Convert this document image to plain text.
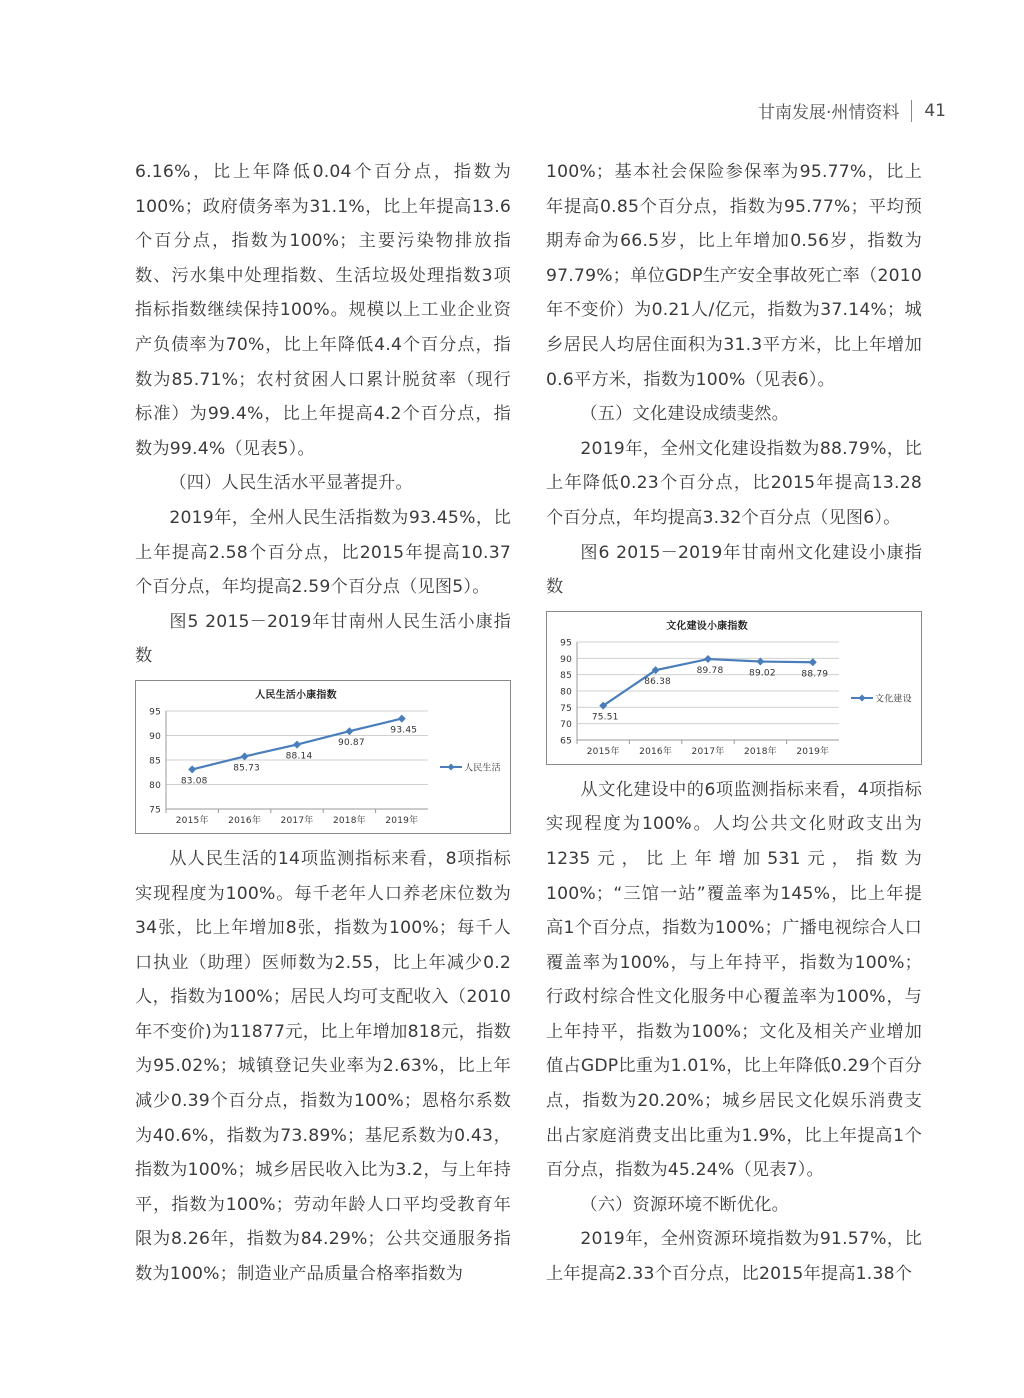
甘南发展·州情资料 41

6.16%，比上年降低0.04个百分点，指数为100%；政府债务率为31.1%，比上年提高13.6个百分点，指数为100%；主要污染物排放指数、污水集中处理指数、生活垃圾处理指数3项指标指数继续保持100%。规模以上工业企业资产负债率为70%，比上年降低4.4个百分点，指数为85.71%；农村贫困人口累计脱贫率（现行标准）为99.4%，比上年提高4.2个百分点，指数为99.4%（见表5）。

（四）人民生活水平显著提升。

2019年，全州人民生活指数为93.45%，比上年提高2.58个百分点，比2015年提高10.37个百分点，年均提高2.59个百分点（见图5）。

图5 2015－2019年甘南州人民生活小康指数

人民生活小康指数
75
80
85
90
95
2015年 2016年 2017年 2018年 2019年
83.08
85.73
88.14
90.87
93.45
人民生活

从人民生活的14项监测指标来看，8项指标实现程度为100%。每千老年人口养老床位数为34张，比上年增加8张，指数为100%；每千人口执业（助理）医师数为2.55，比上年减少0.2人，指数为100%；居民人均可支配收入（2010年不变价)为11877元，比上年增加818元，指数为95.02%；城镇登记失业率为2.63%，比上年减少0.39个百分点，指数为100%；恩格尔系数为40.6%，指数为73.89%；基尼系数为0.43，指数为100%；城乡居民收入比为3.2，与上年持平，指数为100%；劳动年龄人口平均受教育年限为8.26年，指数为84.29%；公共交通服务指数为100%；制造业产品质量合格率指数为

100%；基本社会保险参保率为95.77%，比上年提高0.85个百分点，指数为95.77%；平均预期寿命为66.5岁，比上年增加0.56岁，指数为97.79%；单位GDP生产安全事故死亡率（2010年不变价）为0.21人/亿元，指数为37.14%；城乡居民人均居住面积为31.3平方米，比上年增加0.6平方米，指数为100%（见表6）。

（五）文化建设成绩斐然。

2019年，全州文化建设指数为88.79%，比上年降低0.23个百分点，比2015年提高13.28个百分点，年均提高3.32个百分点（见图6）。

图6 2015－2019年甘南州文化建设小康指数

文化建设小康指数
65
70
75
80
85
90
95
2015年 2016年 2017年 2018年 2019年
75.51
86.38
89.78	89.02	88.79
文化建设

从文化建设中的6项监测指标来看，4项指标实现程度为100%。人均公共文化财政支出为1235元，比上年增加531元，指数为100%；“三馆一站”覆盖率为145%，比上年提高1个百分点，指数为100%；广播电视综合人口覆盖率为100%，与上年持平，指数为100%；行政村综合性文化服务中心覆盖率为100%，与上年持平，指数为100%；文化及相关产业增加值占GDP比重为1.01%，比上年降低0.29个百分点，指数为20.20%；城乡居民文化娱乐消费支出占家庭消费支出比重为1.9%，比上年提高1个百分点，指数为45.24%（见表7）。

（六）资源环境不断优化。

2019年，全州资源环境指数为91.57%，比上年提高2.33个百分点，比2015年提高1.38个
